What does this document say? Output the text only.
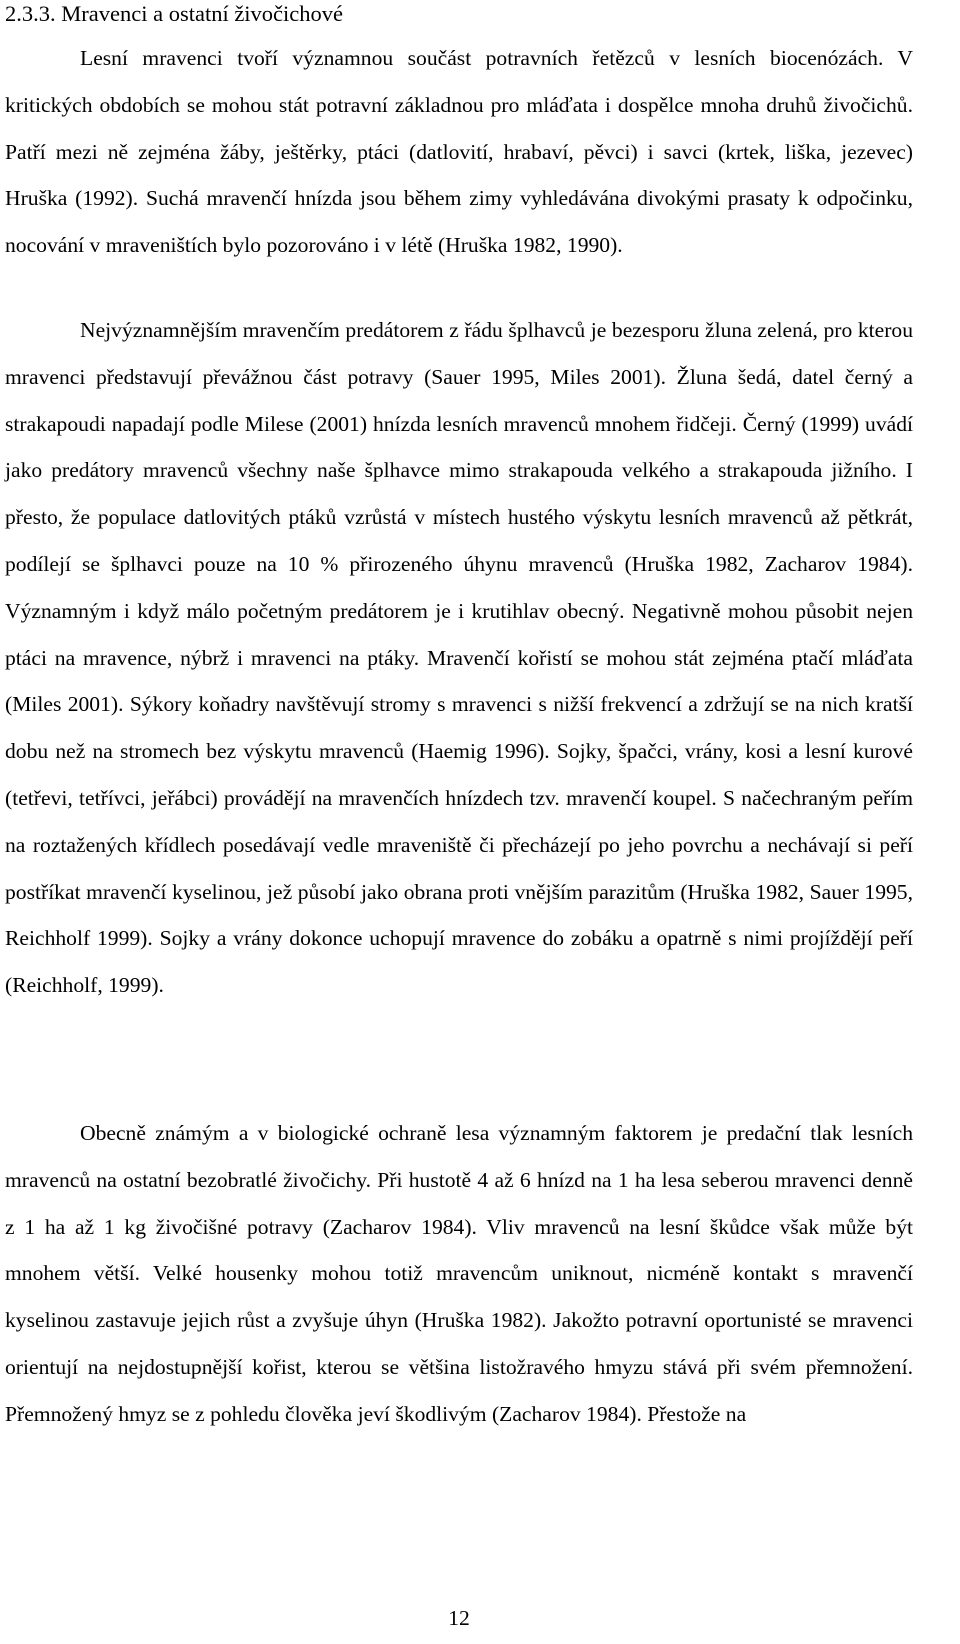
2.3.3. Mravenci a ostatní živočichové

Lesní mravenci tvoří významnou součást potravních řetězců v lesních biocenózách. V kritických obdobích se mohou stát potravní základnou pro mláďata i dospělce mnoha druhů živočichů. Patří mezi ně zejména žáby, ještěrky, ptáci (datlovití, hrabaví, pěvci) i savci (krtek, liška, jezevec) Hruška (1992). Suchá mravenčí hnízda jsou během zimy vyhledávána divokými prasaty k odpočinku, nocování v mraveništích bylo pozorováno i v létě (Hruška 1982, 1990).

Nejvýznamnějším mravenčím predátorem z řádu šplhavců je bezesporu žluna zelená, pro kterou mravenci představují převážnou část potravy (Sauer 1995, Miles 2001). Žluna šedá, datel černý a strakapoudi napadají podle Milese (2001) hnízda lesních mravenců mnohem řidčeji. Černý (1999) uvádí jako predátory mravenců všechny naše šplhavce mimo strakapouda velkého a strakapouda jižního. I přesto, že populace datlovitých ptáků vzrůstá v místech hustého výskytu lesních mravenců až pětkrát, podílejí se šplhavci pouze na 10 % přirozeného úhynu mravenců (Hruška 1982, Zacharov 1984). Významným i když málo početným predátorem je i krutihlav obecný. Negativně mohou působit nejen ptáci na mravence, nýbrž i mravenci na ptáky. Mravenčí kořistí se mohou stát zejména ptačí mláďata (Miles 2001). Sýkory koňadry navštěvují stromy s mravenci s nižší frekvencí a zdržují se na nich kratší dobu než na stromech bez výskytu mravenců (Haemig 1996). Sojky, špačci, vrány, kosi a lesní kurové (tetřevi, tetřívci, jeřábci) provádějí na mravenčích hnízdech tzv. mravenčí koupel. S načechraným peřím na roztažených křídlech posedávají vedle mraveniště či přecházejí po jeho povrchu a nechávají si peří postříkat mravenčí kyselinou, jež působí jako obrana proti vnějším parazitům (Hruška 1982, Sauer 1995, Reichholf 1999). Sojky a vrány dokonce uchopují mravence do zobáku a opatrně s nimi projíždějí peří (Reichholf, 1999).

Obecně známým a v biologické ochraně lesa významným faktorem je predační tlak lesních mravenců na ostatní bezobratlé živočichy. Při hustotě 4 až 6 hnízd na 1 ha lesa seberou mravenci denně z 1 ha až 1 kg živočišné potravy (Zacharov 1984). Vliv mravenců na lesní škůdce však může být mnohem větší. Velké housenky mohou totiž mravencům uniknout, nicméně kontakt s mravenčí kyselinou zastavuje jejich růst a zvyšuje úhyn (Hruška 1982). Jakožto potravní oportunisté se mravenci orientují na nejdostupnější kořist, kterou se většina listožravého hmyzu stává při svém přemnožení. Přemnožený hmyz se z pohledu člověka jeví škodlivým (Zacharov 1984). Přestože na

12
